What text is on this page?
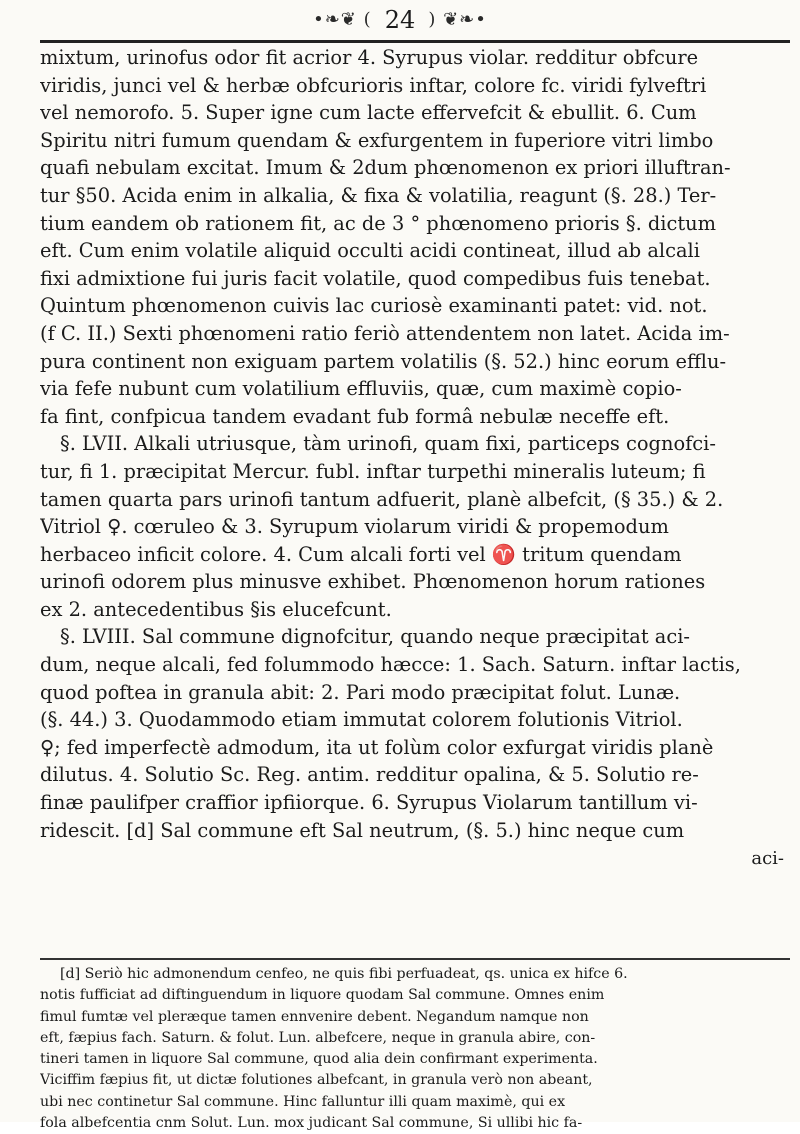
•❧❦ ( 24 ) ❦❧•
mixtum, urinofus odor fit acrior 4. Syrupus violar. redditur obfcure
viridis, junci vel & herbæ obfcurioris inftar, colore fc. viridi fylveftri
vel nemorofo. 5. Super igne cum lacte effervefcit & ebullit. 6. Cum
Spiritu nitri fumum quendam & exfurgentem in fuperiore vitri limbo
quafi nebulam excitat. Imum & 2dum phœnomenon ex priori illuftran-
tur §50. Acida enim in alkalia, & fixa & volatilia, reagunt (§. 28.) Ter-
tium eandem ob rationem fit, ac de 3 ° phœnomeno prioris §. dictum
eft. Cum enim volatile aliquid occulti acidi contineat, illud ab alcali
fixi admixtione fui juris facit volatile, quod compedibus fuis tenebat.
Quintum phœnomenon cuivis lac curiosè examinanti patet: vid. not.
(f C. II.) Sexti phœnomeni ratio feriò attendentem non latet. Acida im-
pura continent non exiguam partem volatilis (§. 52.) hinc eorum efflu-
via fefe nubunt cum volatilium effluviis, quæ, cum maximè copio-
fa fint, confpicua tandem evadant fub formâ nebulæ neceffe eft.
§. LVII. Alkali utriusque, tàm urinofi, quam fixi, particeps cognofci-
tur, fi 1. præcipitat Mercur. fubl. inftar turpethi mineralis luteum; fi
tamen quarta pars urinofi tantum adfuerit, planè albefcit, (§ 35.) & 2.
Vitriol ♀. cœruleo & 3. Syrupum violarum viridi & propemodum
herbaceo inficit colore. 4. Cum alcali forti vel ♈ tritum quendam
urinofi odorem plus minusve exhibet. Phœnomenon horum rationes
ex 2. antecedentibus §is elucefcunt.
§. LVIII. Sal commune dignofcitur, quando neque præcipitat aci-
dum, neque alcali, fed folummodo hæcce: 1. Sach. Saturn. inftar lactis,
quod poftea in granula abit: 2. Pari modo præcipitat folut. Lunæ.
(§. 44.) 3. Quodammodo etiam immutat colorem folutionis Vitriol.
♀; fed imperfectè admodum, ita ut folùm color exfurgat viridis planè
dilutus. 4. Solutio Sc. Reg. antim. redditur opalina, & 5. Solutio re-
finæ paulifper craffior ipfiiorque. 6. Syrupus Violarum tantillum vi-
ridescit. [d] Sal commune eft Sal neutrum, (§. 5.) hinc neque cum
aci-
[d] Seriò hic admonendum cenfeo, ne quis fibi perfuadeat, qs. unica ex hifce 6.
notis fufficiat ad diftinguendum in liquore quodam Sal commune. Omnes enim
fimul fumtæ vel pleræque tamen ennvenire debent. Negandum namque non
eft, fæpius fach. Saturn. & folut. Lun. albefcere, neque in granula abire, con-
tineri tamen in liquore Sal commune, quod alia dein confirmant experimenta.
Viciffim fæpius fit, ut dictæ folutiones albefcant, in granula verò non abeant,
ubi nec continetur Sal commune. Hinc falluntur illi quam maximè, qui ex
fola albefcentia cnm Solut. Lun. mox judicant Sal commune, Si ullibi hic fa-
